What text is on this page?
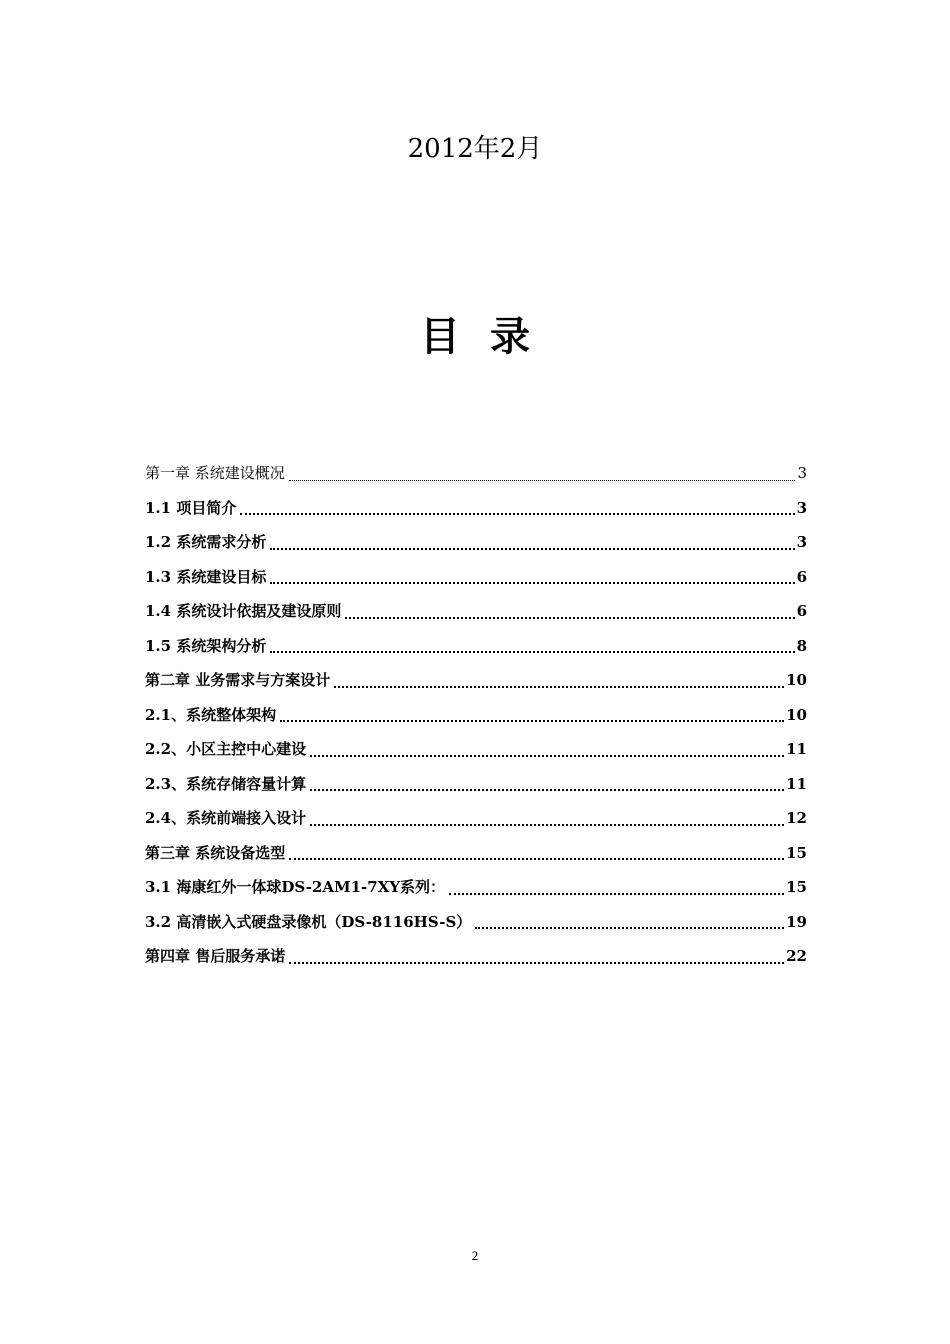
2012年2月
目录
第一章 系统建设概况	3
1.1 项目简介	3
1.2 系统需求分析	3
1.3 系统建设目标	6
1.4 系统设计依据及建设原则	6
1.5 系统架构分析	8
第二章 业务需求与方案设计	10
2.1、系统整体架构	10
2.2、小区主控中心建设	11
2.3、系统存储容量计算	11
2.4、系统前端接入设计	12
第三章 系统设备选型	15
3.1 海康红外一体球DS-2AM1-7XY系列：	15
3.2 高清嵌入式硬盘录像机（DS-8116HS-S）	19
第四章 售后服务承诺	22
2
